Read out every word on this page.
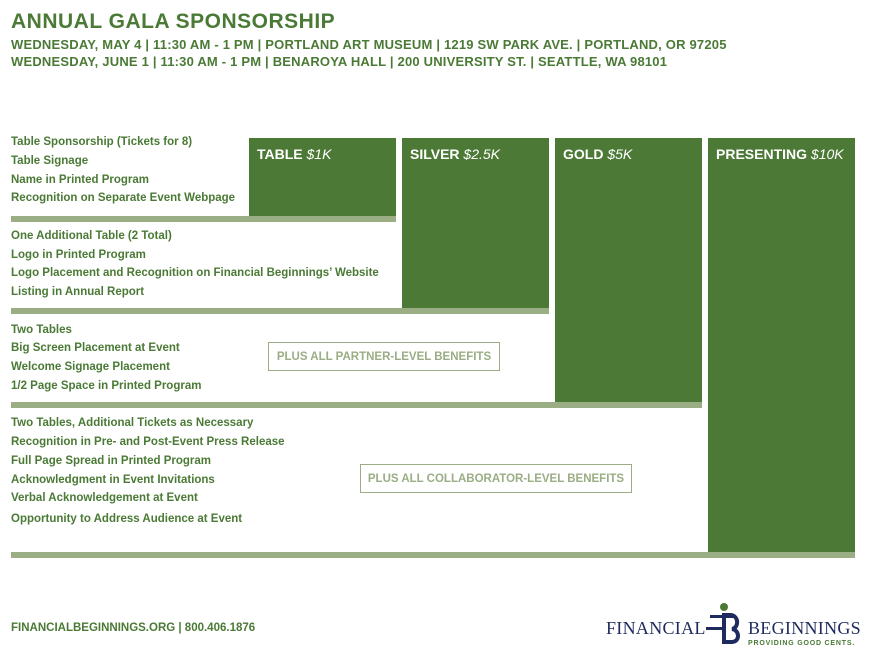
ANNUAL GALA SPONSORSHIP
WEDNESDAY, MAY 4 | 11:30 AM - 1 PM | PORTLAND ART MUSEUM | 1219 SW PARK AVE. | PORTLAND, OR 97205
WEDNESDAY, JUNE 1 | 11:30 AM - 1 PM | BENAROYA HALL | 200 UNIVERSITY ST. | SEATTLE, WA 98101
TABLE $1K	SILVER $2.5K	GOLD $5K	PRESENTING $10K
Table Sponsorship (Tickets for 8)
Table Signage
Name in Printed Program
Recognition on Separate Event Webpage
One Additional Table (2 Total)
Logo in Printed Program
Logo Placement and Recognition on Financial Beginnings’ Website
Listing in Annual Report
Two Tables
Big Screen Placement at Event
Welcome Signage Placement
1/2 Page Space in Printed Program
PLUS ALL PARTNER-LEVEL BENEFITS
Two Tables, Additional Tickets as Necessary
Recognition in Pre- and Post-Event Press Release
Full Page Spread in Printed Program
Acknowledgment in Event Invitations
Verbal Acknowledgement at Event
Opportunity to Address Audience at Event
PLUS ALL COLLABORATOR-LEVEL BENEFITS
FINANCIALBEGINNINGS.ORG | 800.406.1876	FINANCIAL BEGINNINGS
PROVIDING GOOD CENTS.
